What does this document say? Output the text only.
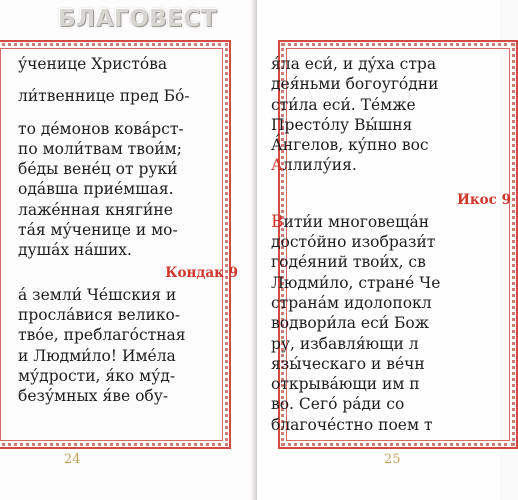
у́ченице Христо́ва
ли́твеннице пред Бо́-
то де́монов кова́рст-
по моли́твам твои́м;
бе́ды вене́ц от руки́
ода́вша прие́мшая.
лаже́нная княги́не
та́я му́ченице и мо-
душа́х на́ших.
Кондак 9
а́ земли́ Че́шския и
просла́вися велико-
тво́е, преблаго́стная
и Людми́ло! Име́ла
му́дрости, я́ко му́д-
безу́мных я́ве обу-
24
я́ла еси́, и ду́ха стра
дея́ньми богоуго́дни
сти́ла еси́. Те́мже
Престо́лу Вы́шня
А́нгелов, ку́пно вос
Аллилу́ия.
Икос 9
Вити́и многовеща́н
досто́йно изобрази́т
годе́яний твои́х, св
Людми́ло, стране́ Че
страна́м идолопокл
водвори́ла еси́ Бож
ру, избавля́ющи л
язы́ческаго и ве́чн
открыва́ющи им п
во. Сего́ ра́ди со
благоче́стно поем т
25
БЛАГОВЕСТ
